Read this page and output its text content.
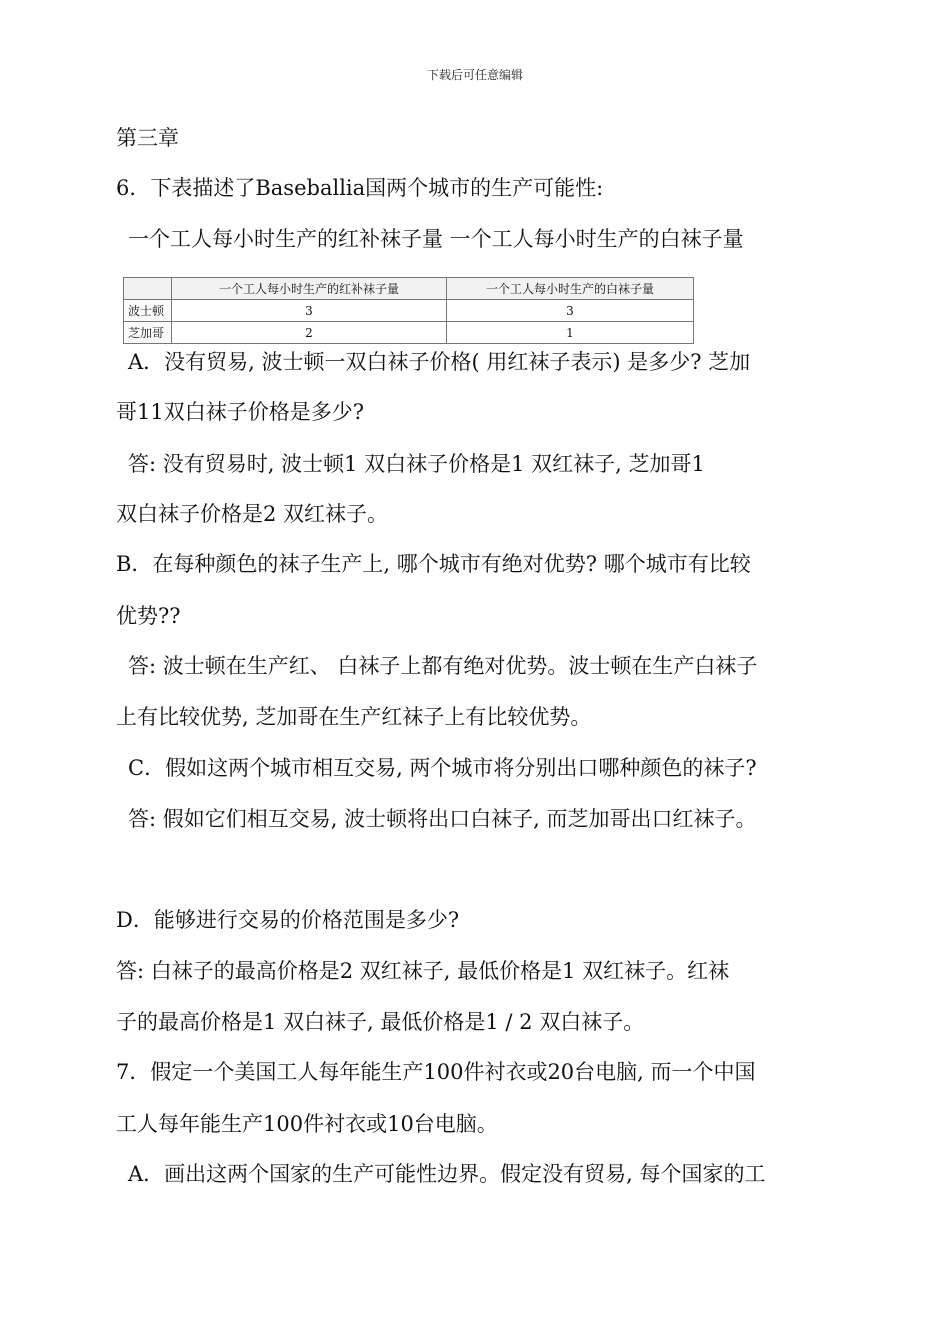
下载后可任意编辑
第三章
6．下表描述了Baseballia国两个城市的生产可能性:
一个工人每小时生产的红补袜子量 一个工人每小时生产的白袜子量
	一个工人每小时生产的红补袜子量	一个工人每小时生产的白袜子量
波士顿	3	3
芝加哥	2	1
A．没有贸易, 波士顿一双白袜子价格( 用红袜子表示) 是多少? 芝加
哥11双白袜子价格是多少?
答: 没有贸易时, 波士顿1 双白袜子价格是1 双红袜子, 芝加哥1
双白袜子价格是2 双红袜子。
B．在每种颜色的袜子生产上, 哪个城市有绝对优势? 哪个城市有比较
优势??
答: 波士顿在生产红、 白袜子上都有绝对优势。波士顿在生产白袜子
上有比较优势, 芝加哥在生产红袜子上有比较优势。
C．假如这两个城市相互交易, 两个城市将分别出口哪种颜色的袜子?
答: 假如它们相互交易, 波士顿将出口白袜子, 而芝加哥出口红袜子。
D．能够进行交易的价格范围是多少?
答: 白袜子的最高价格是2 双红袜子, 最低价格是1 双红袜子。红袜
子的最高价格是1 双白袜子, 最低价格是1 / 2 双白袜子。
7．假定一个美国工人每年能生产100件衬衣或20台电脑, 而一个中国
工人每年能生产100件衬衣或10台电脑。
A．画出这两个国家的生产可能性边界。假定没有贸易, 每个国家的工
